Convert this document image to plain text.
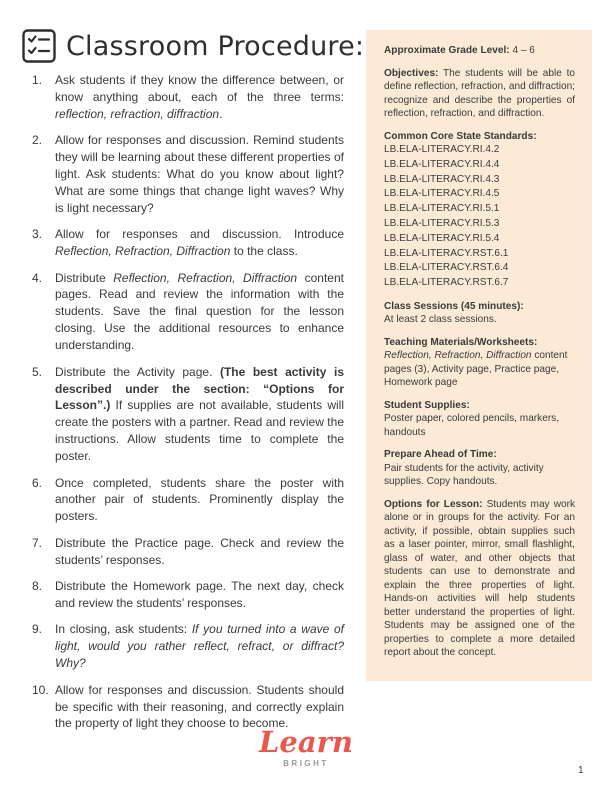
Classroom Procedure:
1.	Ask students if they know the difference between, or know anything about, each of the three terms: reflection, refraction, diffraction.
2.	Allow for responses and discussion. Remind students they will be learning about these different properties of light. Ask students: What do you know about light? What are some things that change light waves? Why is light necessary?
3.	Allow for responses and discussion. Introduce Reflection, Refraction, Diffraction to the class.
4.	Distribute Reflection, Refraction, Diffraction content pages. Read and review the information with the students. Save the final question for the lesson closing. Use the additional resources to enhance understanding.
5.	Distribute the Activity page. (The best activity is described under the section: “Options for Lesson”.) If supplies are not available, students will create the posters with a partner. Read and review the instructions. Allow students time to complete the poster.
6.	Once completed, students share the poster with another pair of students. Prominently display the posters.
7.	Distribute the Practice page. Check and review the students’ responses.
8.	Distribute the Homework page. The next day, check and review the students’ responses.
9.	In closing, ask students: If you turned into a wave of light, would you rather reflect, refract, or diffract? Why?
10. Allow for responses and discussion. Students should be specific with their reasoning, and correctly explain the property of light they choose to become.
Approximate Grade Level: 4 – 6
Objectives: The students will be able to define reflection, refraction, and diffraction; recognize and describe the properties of reflection, refraction, and diffraction.
Common Core State Standards:
LB.ELA-LITERACY.RI.4.2
LB.ELA-LITERACY.RI.4.4
LB.ELA-LITERACY.RI.4.3
LB.ELA-LITERACY.RI.4.5
LB.ELA-LITERACY.RI.5.1
LB.ELA-LITERACY.RI.5.3
LB.ELA-LITERACY.RI.5.4
LB.ELA-LITERACY.RST.6.1
LB.ELA-LITERACY.RST.6.4
LB.ELA-LITERACY.RST.6.7
Class Sessions (45 minutes):
At least 2 class sessions.
Teaching Materials/Worksheets:
Reflection, Refraction, Diffraction content pages (3), Activity page, Practice page, Homework page
Student Supplies:
Poster paper, colored pencils, markers, handouts
Prepare Ahead of Time:
Pair students for the activity, activity supplies. Copy handouts.
Options for Lesson: Students may work alone or in groups for the activity. For an activity, if possible, obtain supplies such as a laser pointer, mirror, small flashlight, glass of water, and other objects that students can use to demonstrate and explain the three properties of light. Hands-on activities will help students better understand the properties of light. Students may be assigned one of the properties to complete a more detailed report about the concept.
Learn
BRIGHT
1
